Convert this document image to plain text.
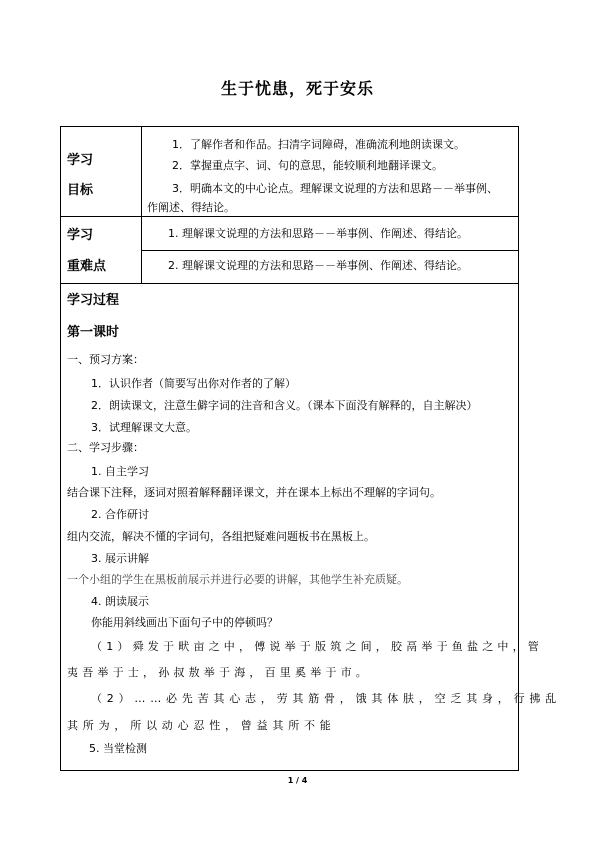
生于忧患，死于安乐
学习
目标
1．了解作者和作品。扫清字词障碍，准确流利地朗读课文。
2．掌握重点字、词、句的意思，能较顺利地翻译课文。
3．明确本文的中心论点。理解课文说理的方法和思路－－举事例、
作阐述、得结论。
学习
重难点
1. 理解课文说理的方法和思路－－举事例、作阐述、得结论。
2. 理解课文说理的方法和思路－－举事例、作阐述、得结论。
学习过程
第一课时
一、预习方案：
1．认识作者（简要写出你对作者的了解）
2．朗读课文，注意生僻字词的注音和含义。（课本下面没有解释的，自主解决）
3．试理解课文大意。
二、学习步骤：
1. 自主学习
结合课下注释，逐词对照着解释翻译课文，并在课本上标出不理解的字词句。
2. 合作研讨
组内交流，解决不懂的字词句，各组把疑难问题板书在黑板上。
3. 展示讲解
一个小组的学生在黑板前展示并进行必要的讲解，其他学生补充质疑。
4. 朗读展示
你能用斜线画出下面句子中的停顿吗？
（1）舜发于畎亩之中，傅说举于版筑之间，胶鬲举于鱼盐之中，管
夷吾举于士，孙叔敖举于海，百里奚举于市。
（2）……必先苦其心志，劳其筋骨，饿其体肤，空乏其身，行拂乱
其所为，所以动心忍性，曾益其所不能
5. 当堂检测
1 / 4
